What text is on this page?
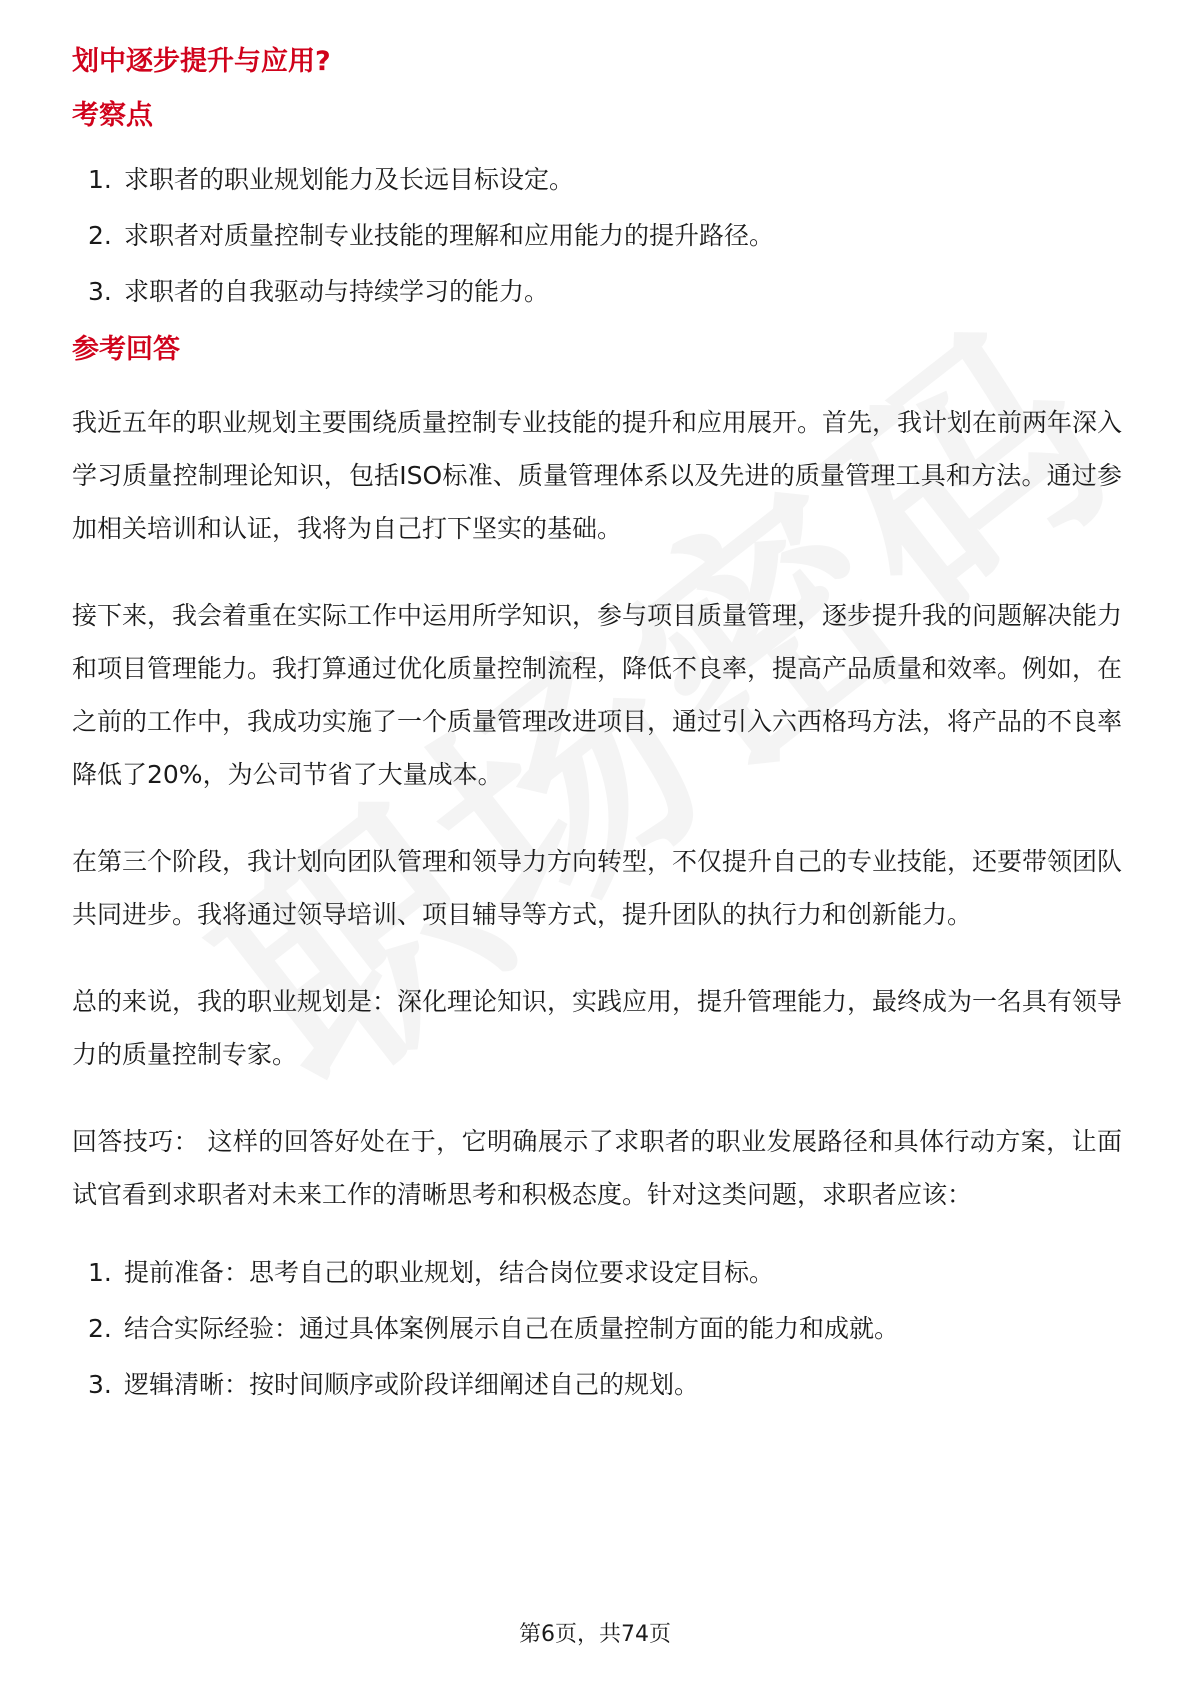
划中逐步提升与应用?
考察点
1. 求职者的职业规划能力及长远目标设定。
2. 求职者对质量控制专业技能的理解和应用能力的提升路径。
3. 求职者的自我驱动与持续学习的能力。
参考回答

我近五年的职业规划主要围绕质量控制专业技能的提升和应用展开。首先，我计划在前两年深入学习质量控制理论知识，包括ISO标准、质量管理体系以及先进的质量管理工具和方法。通过参加相关培训和认证，我将为自己打下坚实的基础。

接下来，我会着重在实际工作中运用所学知识，参与项目质量管理，逐步提升我的问题解决能力和项目管理能力。我打算通过优化质量控制流程，降低不良率，提高产品质量和效率。例如，在之前的工作中，我成功实施了一个质量管理改进项目，通过引入六西格玛方法，将产品的不良率降低了20%，为公司节省了大量成本。

在第三个阶段，我计划向团队管理和领导力方向转型，不仅提升自己的专业技能，还要带领团队共同进步。我将通过领导培训、项目辅导等方式，提升团队的执行力和创新能力。

总的来说，我的职业规划是：深化理论知识，实践应用，提升管理能力，最终成为一名具有领导力的质量控制专家。

回答技巧： 这样的回答好处在于，它明确展示了求职者的职业发展路径和具体行动方案，让面试官看到求职者对未来工作的清晰思考和积极态度。针对这类问题，求职者应该：

1. 提前准备：思考自己的职业规划，结合岗位要求设定目标。
2. 结合实际经验：通过具体案例展示自己在质量控制方面的能力和成就。
3. 逻辑清晰：按时间顺序或阶段详细阐述自己的规划。
第6页，共74页
